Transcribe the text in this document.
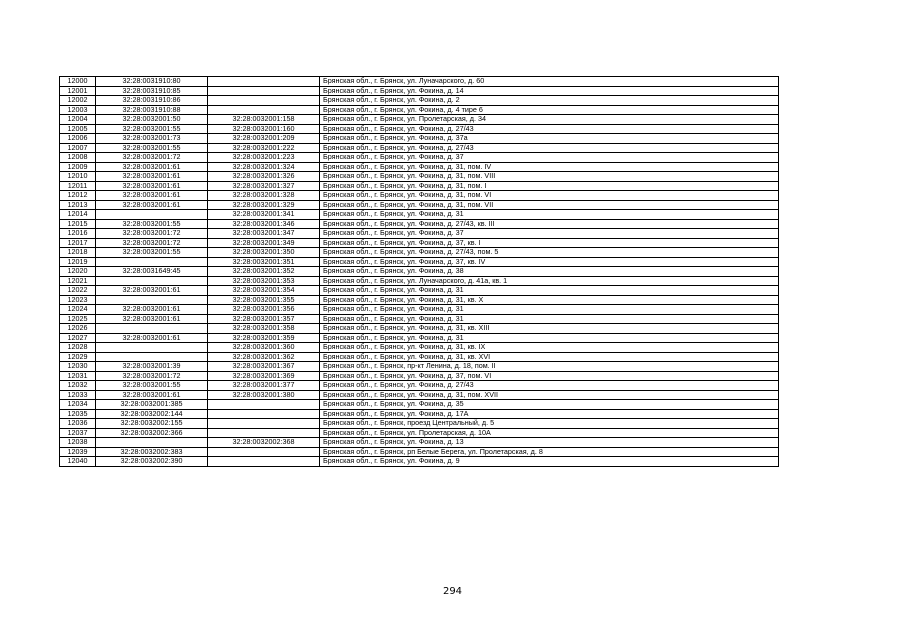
12000	32:28:0031910:80		Брянская обл., г. Брянск, ул. Луначарского, д. 60
12001	32:28:0031910:85		Брянская обл., г. Брянск, ул. Фокина, д. 14
12002	32:28:0031910:86		Брянская обл., г. Брянск, ул. Фокина, д. 2
12003	32:28:0031910:88		Брянская обл., г. Брянск, ул. Фокина, д. 4 тире 6
12004	32:28:0032001:50	32:28:0032001:158	Брянская обл., г. Брянск, ул. Пролетарская, д. 34
12005	32:28:0032001:55	32:28:0032001:160	Брянская обл., г. Брянск, ул. Фокина, д. 27/43
12006	32:28:0032001:73	32:28:0032001:209	Брянская обл., г. Брянск, ул. Фокина, д. 37а
12007	32:28:0032001:55	32:28:0032001:222	Брянская обл., г. Брянск, ул. Фокина, д. 27/43
12008	32:28:0032001:72	32:28:0032001:223	Брянская обл., г. Брянск, ул. Фокина, д. 37
12009	32:28:0032001:61	32:28:0032001:324	Брянская обл., г. Брянск, ул. Фокина, д. 31, пом. IV
12010	32:28:0032001:61	32:28:0032001:326	Брянская обл., г. Брянск, ул. Фокина, д. 31, пом. VIII
12011	32:28:0032001:61	32:28:0032001:327	Брянская обл., г. Брянск, ул. Фокина, д. 31, пом. I
12012	32:28:0032001:61	32:28:0032001:328	Брянская обл., г. Брянск, ул. Фокина, д. 31, пом. VI
12013	32:28:0032001:61	32:28:0032001:329	Брянская обл., г. Брянск, ул. Фокина, д. 31, пом. VII
12014		32:28:0032001:341	Брянская обл., г. Брянск, ул. Фокина, д. 31
12015	32:28:0032001:55	32:28:0032001:346	Брянская обл., г. Брянск, ул. Фокина, д. 27/43, кв. III
12016	32:28:0032001:72	32:28:0032001:347	Брянская обл., г. Брянск, ул. Фокина, д. 37
12017	32:28:0032001:72	32:28:0032001:349	Брянская обл., г. Брянск, ул. Фокина, д. 37, кв. I
12018	32:28:0032001:55	32:28:0032001:350	Брянская обл., г. Брянск, ул. Фокина, д. 27/43, пом. 5
12019		32:28:0032001:351	Брянская обл., г. Брянск, ул. Фокина, д. 37, кв. IV
12020	32:28:0031649:45	32:28:0032001:352	Брянская обл., г. Брянск, ул. Фокина, д. 38
12021		32:28:0032001:353	Брянская обл., г. Брянск, ул. Луначарского, д. 41а, кв. 1
12022	32:28:0032001:61	32:28:0032001:354	Брянская обл., г. Брянск, ул. Фокина, д. 31
12023		32:28:0032001:355	Брянская обл., г. Брянск, ул. Фокина, д. 31, кв. X
12024	32:28:0032001:61	32:28:0032001:356	Брянская обл., г. Брянск, ул. Фокина, д. 31
12025	32:28:0032001:61	32:28:0032001:357	Брянская обл., г. Брянск, ул. Фокина, д. 31
12026		32:28:0032001:358	Брянская обл., г. Брянск, ул. Фокина, д. 31, кв. XIII
12027	32:28:0032001:61	32:28:0032001:359	Брянская обл., г. Брянск, ул. Фокина, д. 31
12028		32:28:0032001:360	Брянская обл., г. Брянск, ул. Фокина, д. 31, кв. IX
12029		32:28:0032001:362	Брянская обл., г. Брянск, ул. Фокина, д. 31, кв. XVI
12030	32:28:0032001:39	32:28:0032001:367	Брянская обл., г. Брянск, пр-кт Ленина, д. 18, пом. II
12031	32:28:0032001:72	32:28:0032001:369	Брянская обл., г. Брянск, ул. Фокина, д. 37, пом. VI
12032	32:28:0032001:55	32:28:0032001:377	Брянская обл., г. Брянск, ул. Фокина, д. 27/43
12033	32:28:0032001:61	32:28:0032001:380	Брянская обл., г. Брянск, ул. Фокина, д. 31, пом. XVII
12034	32:28:0032001:385		Брянская обл., г. Брянск, ул. Фокина, д. 35
12035	32:28:0032002:144		Брянская обл., г. Брянск, ул. Фокина, д. 17А
12036	32:28:0032002:155		Брянская обл., г. Брянск, проезд Центральный, д. 5
12037	32:28:0032002:366		Брянская обл., г. Брянск, ул. Пролетарская, д. 10А
12038		32:28:0032002:368	Брянская обл., г. Брянск, ул. Фокина, д. 13
12039	32:28:0032002:383		Брянская обл., г. Брянск, рп Белые Берега, ул. Пролетарская, д. 8
12040	32:28:0032002:390		Брянская обл., г. Брянск, ул. Фокина, д. 9
294
